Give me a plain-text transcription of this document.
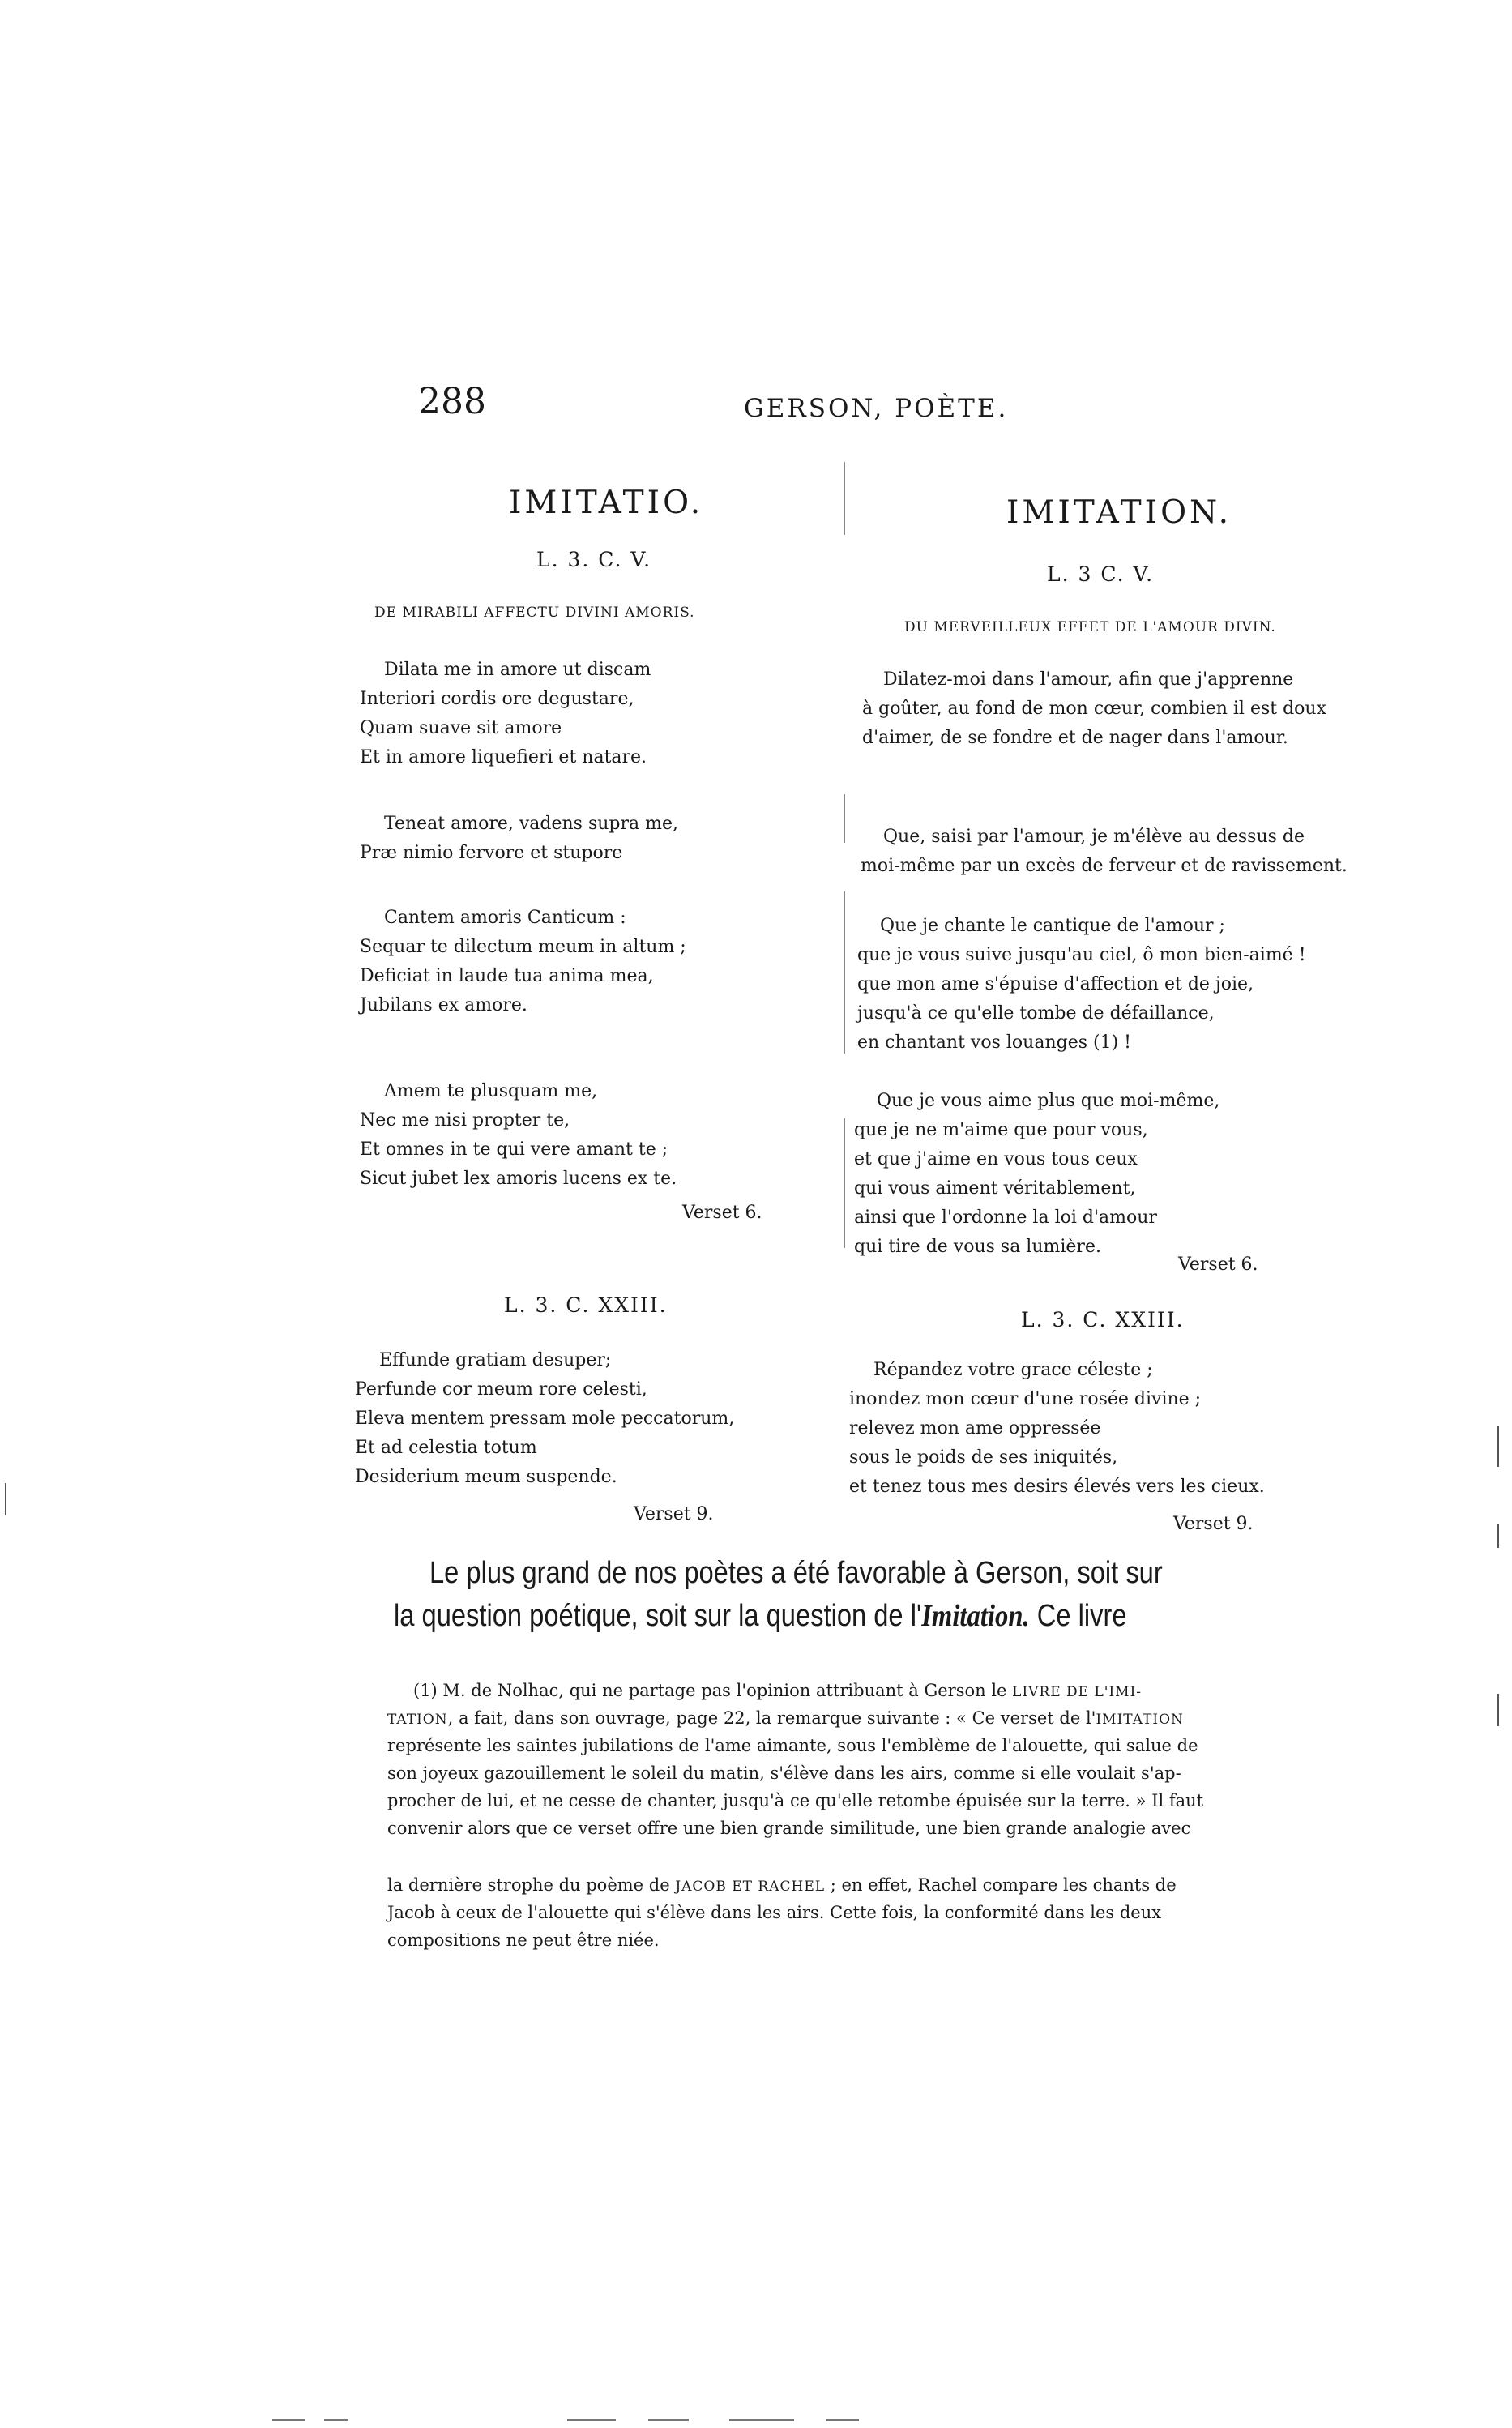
288	GERSON, POÈTE.
IMITATIO.
L. 3. C. V.
DE MIRABILI AFFECTU DIVINI AMORIS.
Dilata me in amore ut discam
Interiori cordis ore degustare,
Quam suave sit amore
Et in amore liquefieri et natare.
Teneat amore, vadens supra me,
Præ nimio fervore et stupore
Cantem amoris Canticum :
Sequar te dilectum meum in altum ;
Deficiat in laude tua anima mea,
Jubilans ex amore.
Amem te plusquam me,
Nec me nisi propter te,
Et omnes in te qui vere amant te ;
Sicut jubet lex amoris lucens ex te.
Verset 6.
L. 3. C. XXIII.
Effunde gratiam desuper;
Perfunde cor meum rore celesti,
Eleva mentem pressam mole peccatorum,
Et ad celestia totum
Desiderium meum suspende.
Verset 9.
IMITATION.
L. 3 C. V.
DU MERVEILLEUX EFFET DE L'AMOUR DIVIN.
Dilatez-moi dans l'amour, afin que j'apprenne
à goûter, au fond de mon cœur, combien il est doux
d'aimer, de se fondre et de nager dans l'amour.
Que, saisi par l'amour, je m'élève au dessus de
moi-même par un excès de ferveur et de ravissement.
Que je chante le cantique de l'amour ;
que je vous suive jusqu'au ciel, ô mon bien-aimé !
que mon ame s'épuise d'affection et de joie,
jusqu'à ce qu'elle tombe de défaillance,
en chantant vos louanges (1) !
Que je vous aime plus que moi-même,
que je ne m'aime que pour vous,
et que j'aime en vous tous ceux
qui vous aiment véritablement,
ainsi que l'ordonne la loi d'amour
qui tire de vous sa lumière.
Verset 6.
L. 3. C. XXIII.
Répandez votre grace céleste ;
inondez mon cœur d'une rosée divine ;
relevez mon ame oppressée
sous le poids de ses iniquités,
et tenez tous mes desirs élevés vers les cieux.
Verset 9.
Le plus grand de nos poètes a été favorable à Gerson, soit sur
la question poétique, soit sur la question de l'Imitation. Ce livre
(1) M. de Nolhac, qui ne partage pas l'opinion attribuant à Gerson le LIVRE DE L'IMI-
TATION, a fait, dans son ouvrage, page 22, la remarque suivante : « Ce verset de l'IMITATION
représente les saintes jubilations de l'ame aimante, sous l'emblème de l'alouette, qui salue de
son joyeux gazouillement le soleil du matin, s'élève dans les airs, comme si elle voulait s'ap-
procher de lui, et ne cesse de chanter, jusqu'à ce qu'elle retombe épuisée sur la terre. » Il faut
convenir alors que ce verset offre une bien grande similitude, une bien grande analogie avec
la dernière strophe du poème de JACOB ET RACHEL ; en effet, Rachel compare les chants de
Jacob à ceux de l'alouette qui s'élève dans les airs. Cette fois, la conformité dans les deux
compositions ne peut être niée.
